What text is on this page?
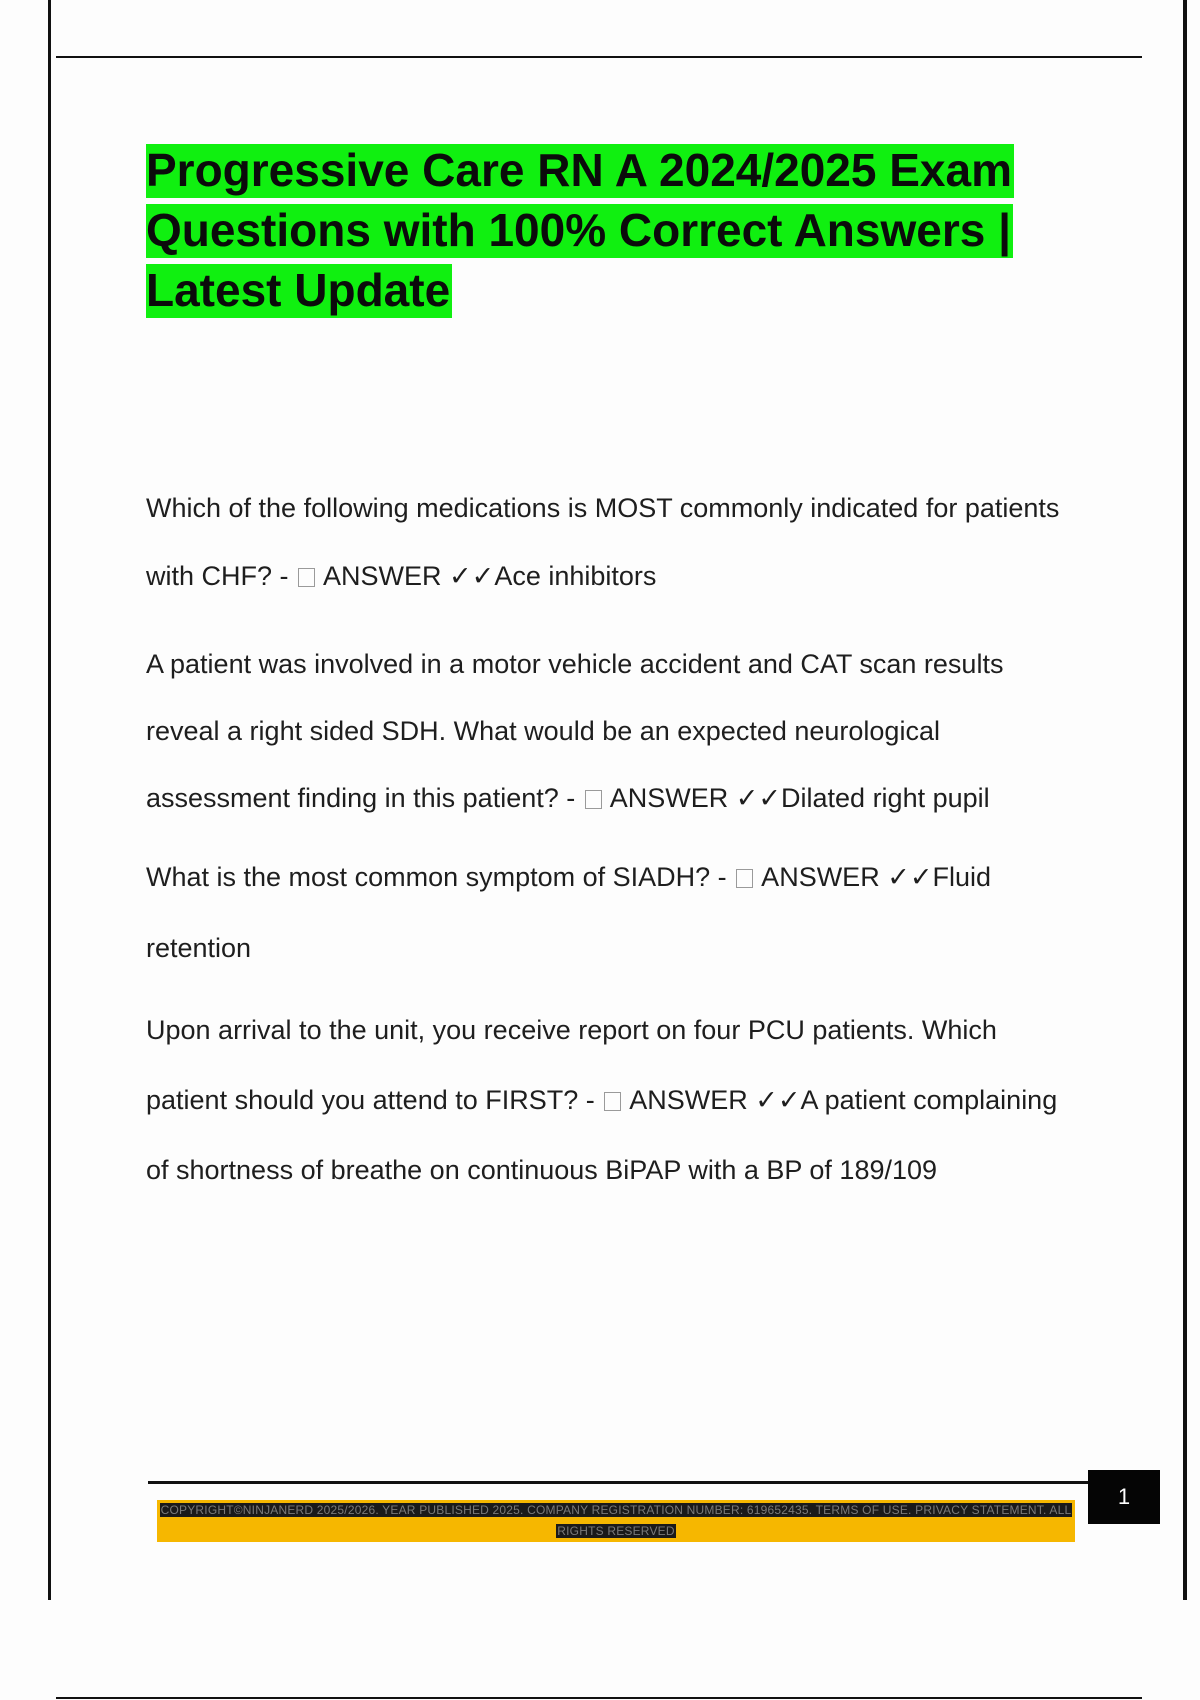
Progressive Care RN A 2024/2025 Exam Questions with 100% Correct Answers | Latest Update

Which of the following medications is MOST commonly indicated for patients with CHF? -  ANSWER ✓✓Ace inhibitors

A patient was involved in a motor vehicle accident and CAT scan results reveal a right sided SDH. What would be an expected neurological assessment finding in this patient? -  ANSWER ✓✓Dilated right pupil

What is the most common symptom of SIADH? -  ANSWER ✓✓Fluid retention

Upon arrival to the unit, you receive report on four PCU patients. Which patient should you attend to FIRST? -  ANSWER ✓✓A patient complaining of shortness of breathe on continuous BiPAP with a BP of 189/109

COPYRIGHT©NINJANERD 2025/2026. YEAR PUBLISHED 2025. COMPANY REGISTRATION NUMBER: 619652435. TERMS OF USE. PRIVACY STATEMENT. ALL RIGHTS RESERVED
1
